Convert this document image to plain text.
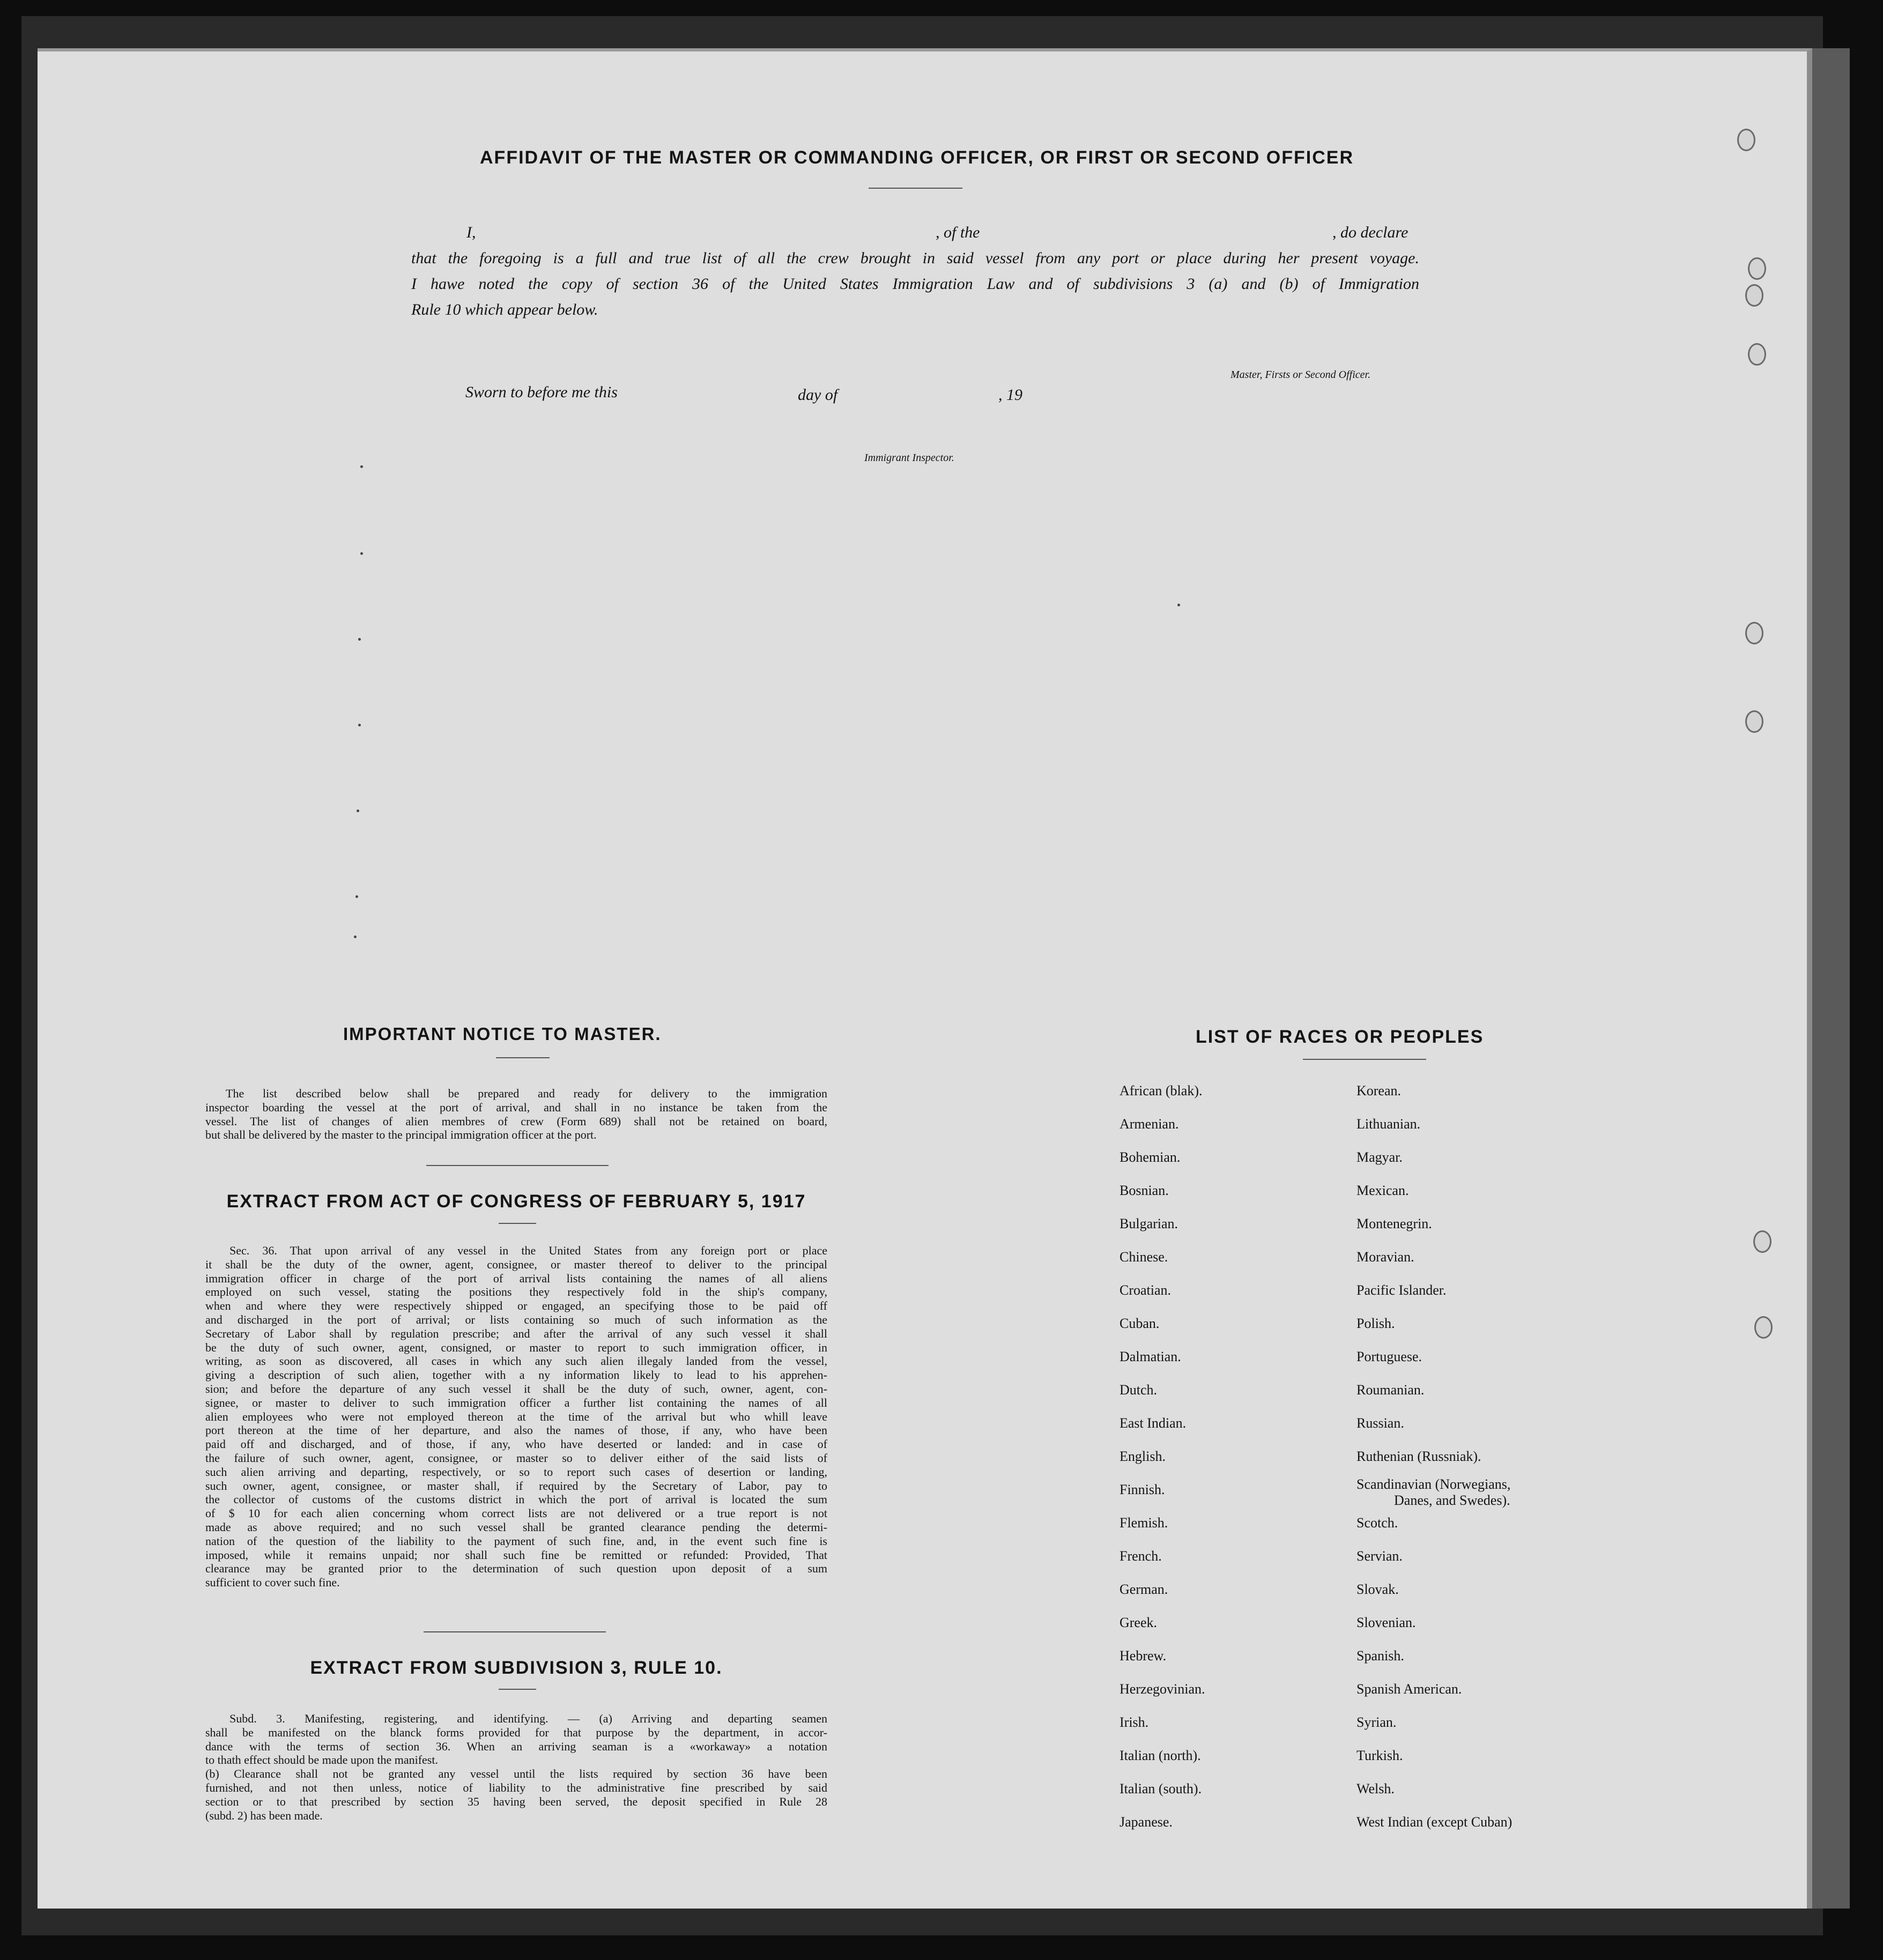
AFFIDAVIT OF THE MASTER OR COMMANDING OFFICER, OR FIRST OR SECOND OFFICER
I,	, of the	, do declare
that the foregoing is a full and true list of all the crew brought in said vessel from any port or place during her present voyage.
I hawe noted the copy of section 36 of the United States Immigration Law and of subdivisions 3 (a) and (b) of Immigration
Rule 10 which appear below.
Master, Firsts or Second Officer.
Sworn to before me this	day of	, 19
Immigrant Inspector.
IMPORTANT NOTICE TO MASTER.
The list described below shall be prepared and ready for delivery to the immigration
inspector boarding the vessel at the port of arrival, and shall in no instance be taken from the
vessel. The list of changes of alien membres of crew (Form 689) shall not be retained on board,
but shall be delivered by the master to the principal immigration officer at the port.
EXTRACT FROM ACT OF CONGRESS OF FEBRUARY 5, 1917
Sec. 36. That upon arrival of any vessel in the United States from any foreign port or place
it shall be the duty of the owner, agent, consignee, or master thereof to deliver to the principal
immigration officer in charge of the port of arrival lists containing the names of all aliens
employed on such vessel, stating the positions they respectively fold in the ship's company,
when and where they were respectively shipped or engaged, an specifying those to be paid off
and discharged in the port of arrival; or lists containing so much of such information as the
Secretary of Labor shall by regulation prescribe; and after the arrival of any such vessel it shall
be the duty of such owner, agent, consigned, or master to report to such immigration officer, in
writing, as soon as discovered, all cases in which any such alien illegaly landed from the vessel,
giving a description of such alien, together with a ny information likely to lead to his apprehen-
sion; and before the departure of any such vessel it shall be the duty of such, owner, agent, con-
signee, or master to deliver to such immigration officer a further list containing the names of all
alien employees who were not employed thereon at the time of the arrival but who whill leave
port thereon at the time of her departure, and also the names of those, if any, who have been
paid off and discharged, and of those, if any, who have deserted or landed: and in case of
the failure of such owner, agent, consignee, or master so to deliver either of the said lists of
such alien arriving and departing, respectively, or so to report such cases of desertion or landing,
such owner, agent, consignee, or master shall, if required by the Secretary of Labor, pay to
the collector of customs of the customs district in which the port of arrival is located the sum
of $ 10 for each alien concerning whom correct lists are not delivered or a true report is not
made as above required; and no such vessel shall be granted clearance pending the determi-
nation of the question of the liability to the payment of such fine, and, in the event such fine is
imposed, while it remains unpaid; nor shall such fine be remitted or refunded: Provided, That
clearance may be granted prior to the determination of such question upon deposit of a sum
sufficient to cover such fine.
EXTRACT FROM SUBDIVISION 3, RULE 10.
Subd. 3. Manifesting, registering, and identifying. — (a) Arriving and departing seamen
shall be manifested on the blanck forms provided for that purpose by the department, in accor-
dance with the terms of section 36. When an arriving seaman is a «workaway» a notation
to thath effect should be made upon the manifest.
(b) Clearance shall not be granted any vessel until the lists required by section 36 have been
furnished, and not then unless, notice of liability to the administrative fine prescribed by said
section or to that prescribed by section 35 having been served, the deposit specified in Rule 28
(subd. 2) has been made.
LIST OF RACES OR PEOPLES
African (blak).
Armenian.
Bohemian.
Bosnian.
Bulgarian.
Chinese.
Croatian.
Cuban.
Dalmatian.
Dutch.
East Indian.
English.
Finnish.
Flemish.
French.
German.
Greek.
Hebrew.
Herzegovinian.
Irish.
Italian (north).
Italian (south).
Japanese.
Korean.
Lithuanian.
Magyar.
Mexican.
Montenegrin.
Moravian.
Pacific Islander.
Polish.
Portuguese.
Roumanian.
Russian.
Ruthenian (Russniak).
Scandinavian (Norwegians,
Danes, and Swedes).
Scotch.
Servian.
Slovak.
Slovenian.
Spanish.
Spanish American.
Syrian.
Turkish.
Welsh.
West Indian (except Cuban)
